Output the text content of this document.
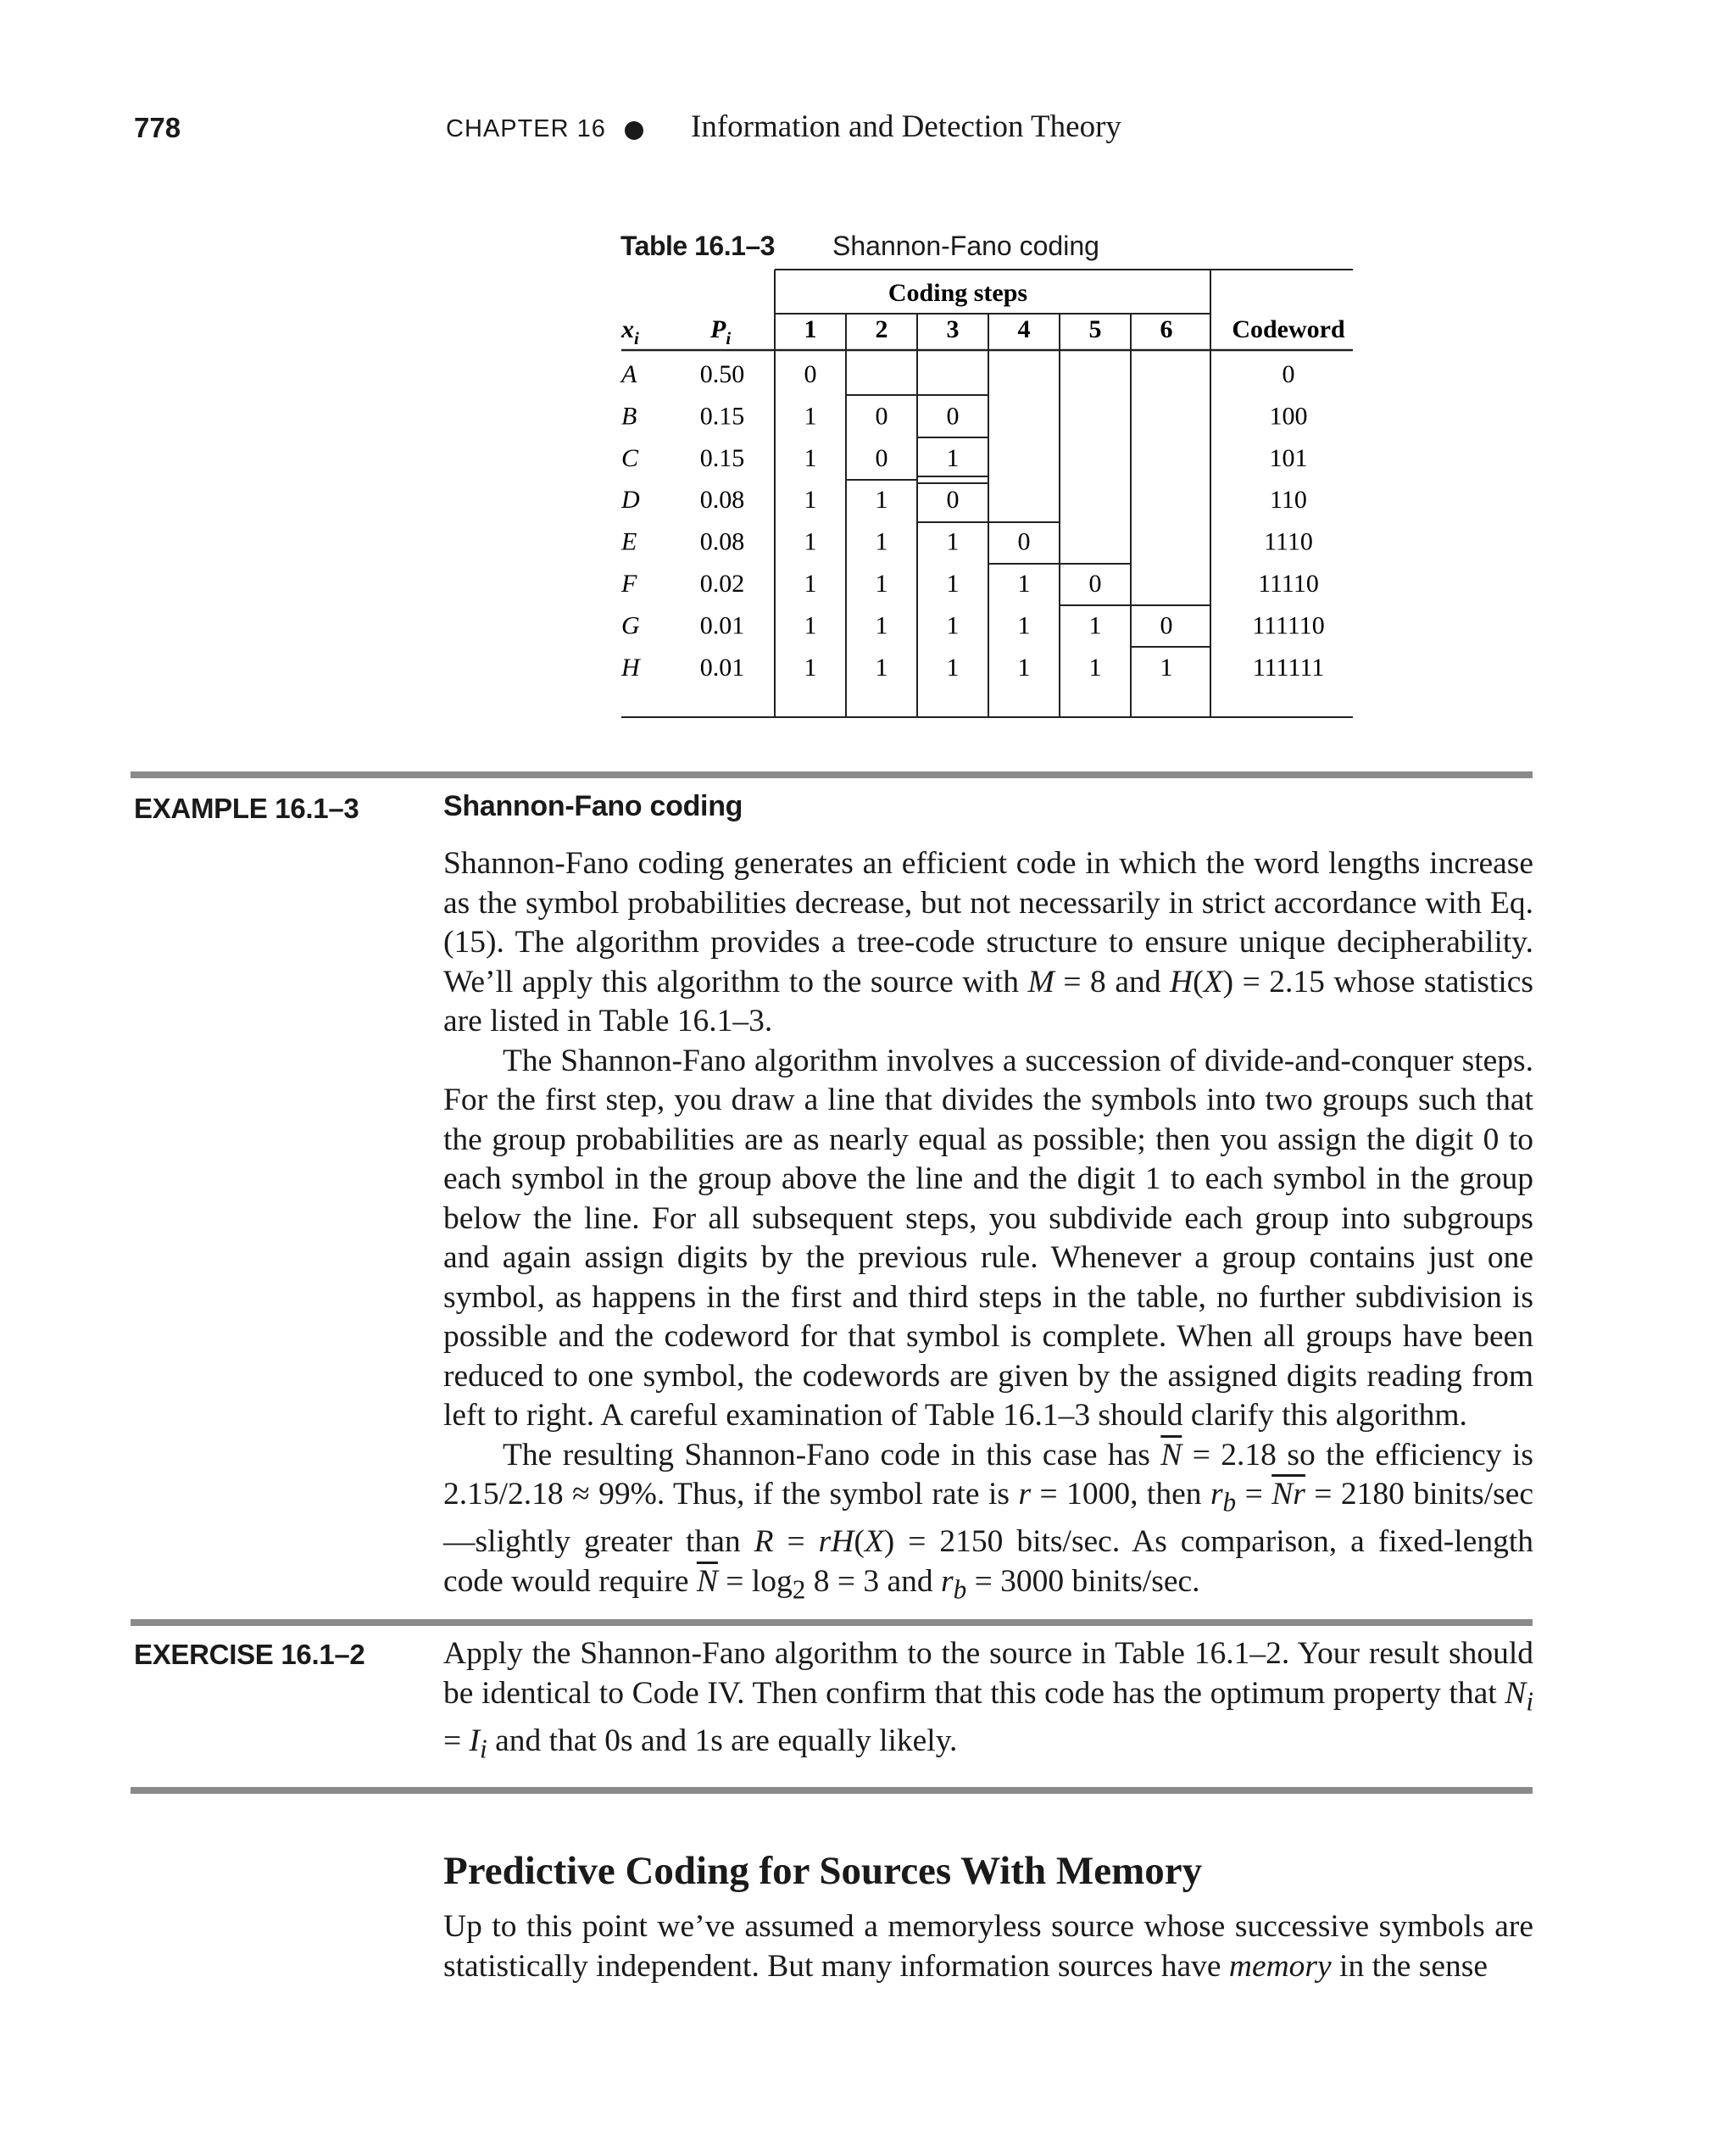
778	CHAPTER 16	Information and Detection Theory
Table 16.1–3 Shannon-Fano coding
Coding steps
$x_i$	$P_i$	Codeword
1 2 3 4 5 6
A 0.50 0	0
B 0.15 1 0 0	100
C 0.15 1 0 1	101
D 0.08 1 1 0	110
E 0.08 1 1 1 0	1110
F 0.02 1 1 1 1 0	11110
G 0.01 1 1 1 1 1 0	111110
H 0.01 1 1 1 1 1 1	111111
EXAMPLE 16.1–3	Shannon-Fano coding

Shannon-Fano coding generates an efficient code in which the word lengths increase as the symbol probabilities decrease, but not necessarily in strict accordance with Eq. (15). The algorithm provides a tree-code structure to ensure unique decipherability. We’ll apply this algorithm to the source with M = 8 and H(X) = 2.15 whose statistics are listed in Table 16.1–3.

The Shannon-Fano algorithm involves a succession of divide-and-conquer steps. For the first step, you draw a line that divides the symbols into two groups such that the group probabilities are as nearly equal as possible; then you assign the digit 0 to each symbol in the group above the line and the digit 1 to each symbol in the group below the line. For all subsequent steps, you subdivide each group into subgroups and again assign digits by the previous rule. Whenever a group contains just one symbol, as happens in the first and third steps in the table, no further subdivision is possible and the codeword for that symbol is complete. When all groups have been reduced to one symbol, the codewords are given by the assigned digits reading from left to right. A careful examination of Table 16.1–3 should clarify this algorithm.

The resulting Shannon-Fano code in this case has $\overline{N} = 2.18$ so the efficiency is 2.15/2.18 ≈ 99%. Thus, if the symbol rate is r = 1000, then $r_b = \overline{Nr} = 2180$ binits/sec—slightly greater than R = rH(X) = 2150 bits/sec. As comparison, a fixed-length code would require $\overline{N} = \log_2 8 = 3$ and $r_b = 3000$ binits/sec.

EXERCISE 16.1–2 Apply the Shannon-Fano algorithm to the source in Table 16.1–2. Your result should be identical to Code IV. Then confirm that this code has the optimum property that $N_i = I_i$ and that 0s and 1s are equally likely.

Predictive Coding for Sources With Memory

Up to this point we’ve assumed a memoryless source whose successive symbols are statistically independent. But many information sources have memory in the sense
